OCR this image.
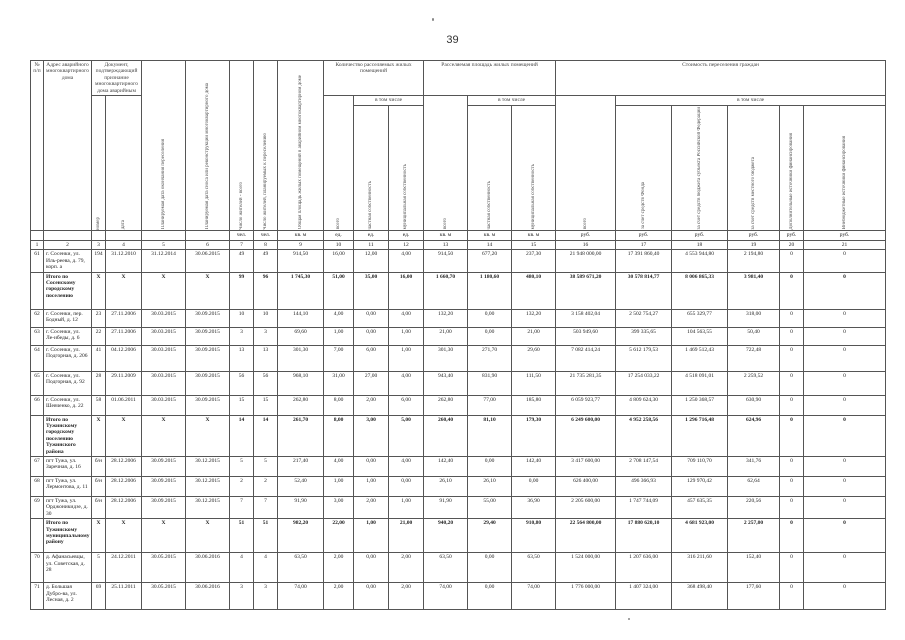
39
№ п/п	Адрес аварийного многоквартирного дома	Документ, подтверждающий признание многоквартирного дома аварийным		Планируемая дата окончания переселения	Планируемая дата сноса или реконструкции многоквартирного дома	Число жителей - всего	Число жителей, планируемых к переселению	Общая площадь жилых помещений в аварийном многоквартирном доме	Количество расселяемых жилых помещений			Расселяемая площадь жилых помещений			Стоимость переселения граждан					

		номер	дата						всего	в том числе		всего	в том числе		всего	в том числе				

										частная собственность	муниципальная собственность		частная собственность	муниципальная собственность		за счет средств Фонда	за счет средств бюджета субъекта Российской Федерации	за счет средств местного бюджета	Дополнительные источники финансирования	Внебюджетные источники финансирования

						чел.	чел.	кв. м	ед.	ед.	ед.	кв. м	кв. м	кв. м	руб.	руб.	руб.	руб.	руб.	руб.
1	2	3	4	5	6	7	8	9	10	11	12	13	14	15	16	17	18	19	20	21
61	г. Сосенки, ул. Иль-реева, д. 79, корп. а	194	31.12.2010	31.12.2014	30.06.2015	49	49	914,50	16,00	12,00	4,00	914,50	677,20	237,30	21 948 000,00	17 391 860,40	4 553 944,80	2 194,80	0	0
	Итого по Сосенскому городскому поселению	X	X	X	X	99	96	1 745,30	51,00	35,00	16,00	1 660,70	1 180,60	480,10	38 589 671,20	30 578 814,77	8 006 865,33	3 981,40	0	0
62	г. Сосенки, пер. Бодный, д. 12	23	27.11.2006	30.03.2015	30.09.2015	10	10	144,10	4,00	0,00	4,00	132,20	0,00	132,20	3 158 402,04	2 502 754,27	655 329,77	318,00	0	0
63	г. Сосенки, ул. Ле-ибеды, д. 6	22	27.11.2006	30.03.2015	30.09.2015	3	3	69,60	1,00	0,00	1,00	21,00	0,00	21,00	503 949,60	399 335,65	104 563,55	50,40	0	0
64	г. Сосенки, ул. Подгорная, д. 206	41	04.12.2006	30.03.2015	30.09.2015	13	13	301,30	7,00	6,00	1,00	301,30	271,70	29,60	7 082 414,24	5 612 179,53	1 469 512,43	722,48	0	0
65	г. Сосенки, ул. Подгорная, д. 92	28	29.11.2009	30.03.2015	30.09.2015	56	56	968,10	31,00	27,00	4,00	943,40	831,90	111,50	21 735 281,35	17 254 033,22	4 518 091,01	2 259,52	0	0
66	г. Сосенки, ул. Шевченко, д. 22	58	01.06.2011	30.03.2015	30.09.2015	15	15	262,80	8,00	2,00	6,00	262,80	77,00	185,80	6 059 923,77	4 809 624,30	1 250 368,57	630,90	0	0
	Итого по Тужинскому городскому поселению Тужинского района	X	X	X	X	14	14	261,70	8,00	3,00	5,00	260,40	81,10	179,30	6 249 600,00	4 952 258,56	1 296 716,48	624,96	0	0
67	пгт Тужа, ул. Заречная, д. 16	б/н	28.12.2006	30.09.2015	30.12.2015	5	5	217,40	4,00	0,00	4,00	142,40	0,00	142,40	3 417 600,00	2 708 147,54	709 110,70	341,76	0	0
68	пгт Тужа, ул. Лермонтова, д. 11	б/н	28.12.2006	30.09.2015	30.12.2015	2	2	52,40	1,00	1,00	0,00	26,10	26,10	0,00	626 400,00	496 366,93	129 970,42	62,64	0	0
69	пгт Тужа, ул. Орджоникидзе, д. 30	б/н	28.12.2006	30.09.2015	30.12.2015	7	7	91,90	3,00	2,00	1,00	91,90	55,00	36,90	2 205 600,00	1 747 744,09	457 635,35	220,56	0	0
	Итого по Тужинскому муниципальному району	X	X	X	X	51	51	982,20	22,00	1,00	21,00	940,20	29,40	910,80	22 564 800,00	17 880 620,10	4 681 923,00	2 257,00	0	0
70	д. Афанасьевцы, ул. Советская, д. 28	5	24.12.2011	30.05.2015	30.06.2016	4	4	63,50	2,00	0,00	2,00	63,50	0,00	63,50	1 524 000,00	1 207 636,00	316 211,60	152,40	0	0
71	д. Большая Дубро-ва, ул. Лесная, д. 2	69	25.11.2011	30.05.2015	30.06.2016	3	3	74,00	2,00	0,00	2,00	74,00	0,00	74,00	1 776 000,00	1 407 324,00	368 498,40	177,60	0	0
